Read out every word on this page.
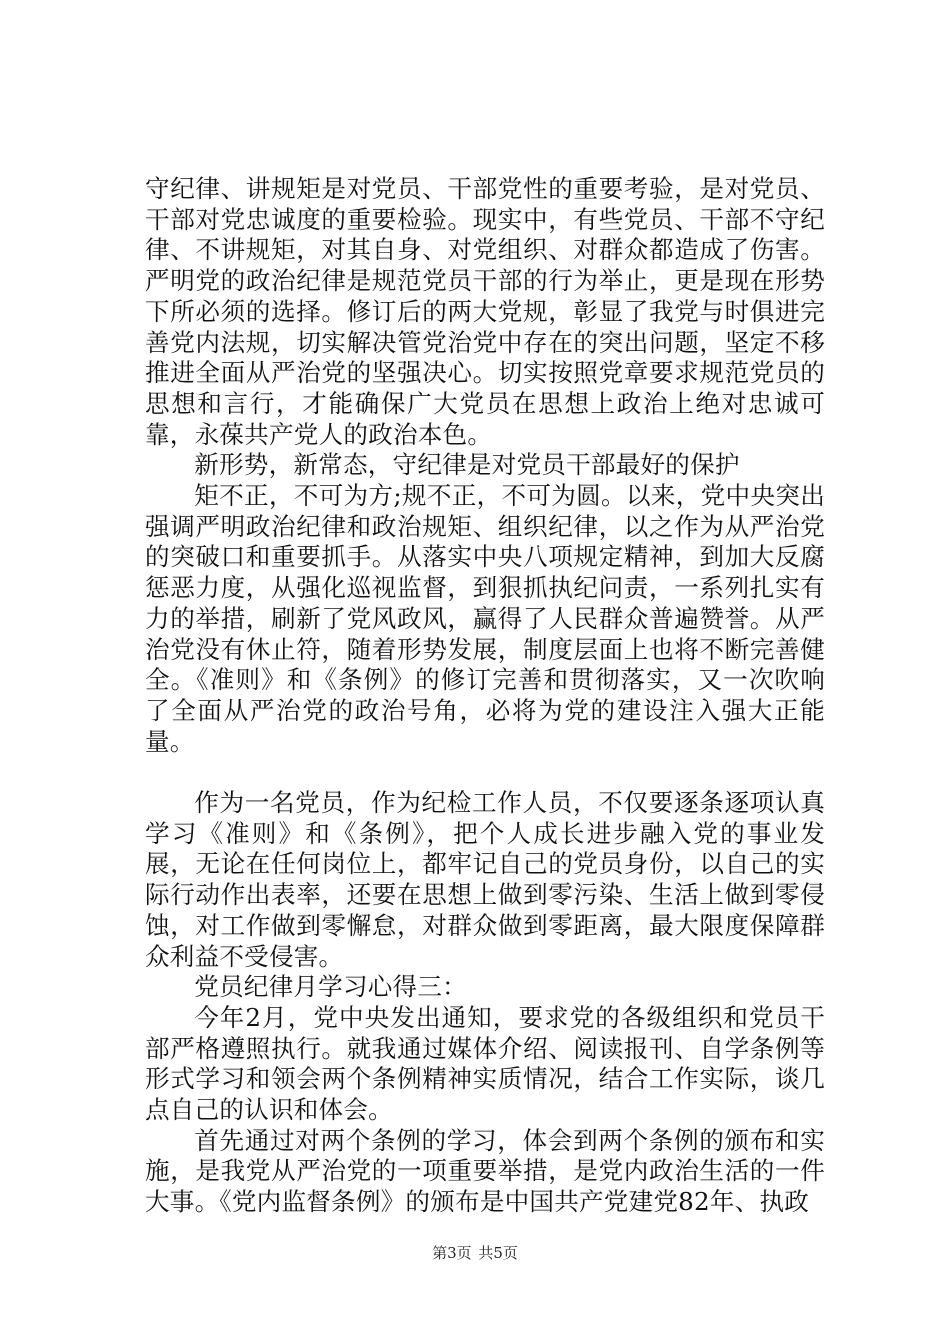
守纪律、讲规矩是对党员、干部党性的重要考验，是对党员、干部对党忠诚度的重要检验。现实中，有些党员、干部不守纪律、不讲规矩，对其自身、对党组织、对群众都造成了伤害。严明党的政治纪律是规范党员干部的行为举止，更是现在形势下所必须的选择。修订后的两大党规，彰显了我党与时俱进完善党内法规，切实解决管党治党中存在的突出问题，坚定不移推进全面从严治党的坚强决心。切实按照党章要求规范党员的思想和言行，才能确保广大党员在思想上政治上绝对忠诚可靠，永葆共产党人的政治本色。

新形势，新常态，守纪律是对党员干部最好的保护

矩不正，不可为方;规不正，不可为圆。以来，党中央突出强调严明政治纪律和政治规矩、组织纪律，以之作为从严治党的突破口和重要抓手。从落实中央八项规定精神，到加大反腐惩恶力度，从强化巡视监督，到狠抓执纪问责，一系列扎实有力的举措，刷新了党风政风，赢得了人民群众普遍赞誉。从严治党没有休止符，随着形势发展，制度层面上也将不断完善健全。《准则》和《条例》的修订完善和贯彻落实，又一次吹响了全面从严治党的政治号角，必将为党的建设注入强大正能量。

作为一名党员，作为纪检工作人员，不仅要逐条逐项认真学习《准则》和《条例》，把个人成长进步融入党的事业发展，无论在任何岗位上，都牢记自己的党员身份，以自己的实际行动作出表率，还要在思想上做到零污染、生活上做到零侵蚀，对工作做到零懈怠，对群众做到零距离，最大限度保障群众利益不受侵害。

党员纪律月学习心得三：

今年2月，党中央发出通知，要求党的各级组织和党员干部严格遵照执行。就我通过媒体介绍、阅读报刊、自学条例等形式学习和领会两个条例精神实质情况，结合工作实际，谈几点自己的认识和体会。

首先通过对两个条例的学习，体会到两个条例的颁布和实施，是我党从严治党的一项重要举措，是党内政治生活的一件大事。《党内监督条例》的颁布是中国共产党建党82年、执政

第3页 共5页
